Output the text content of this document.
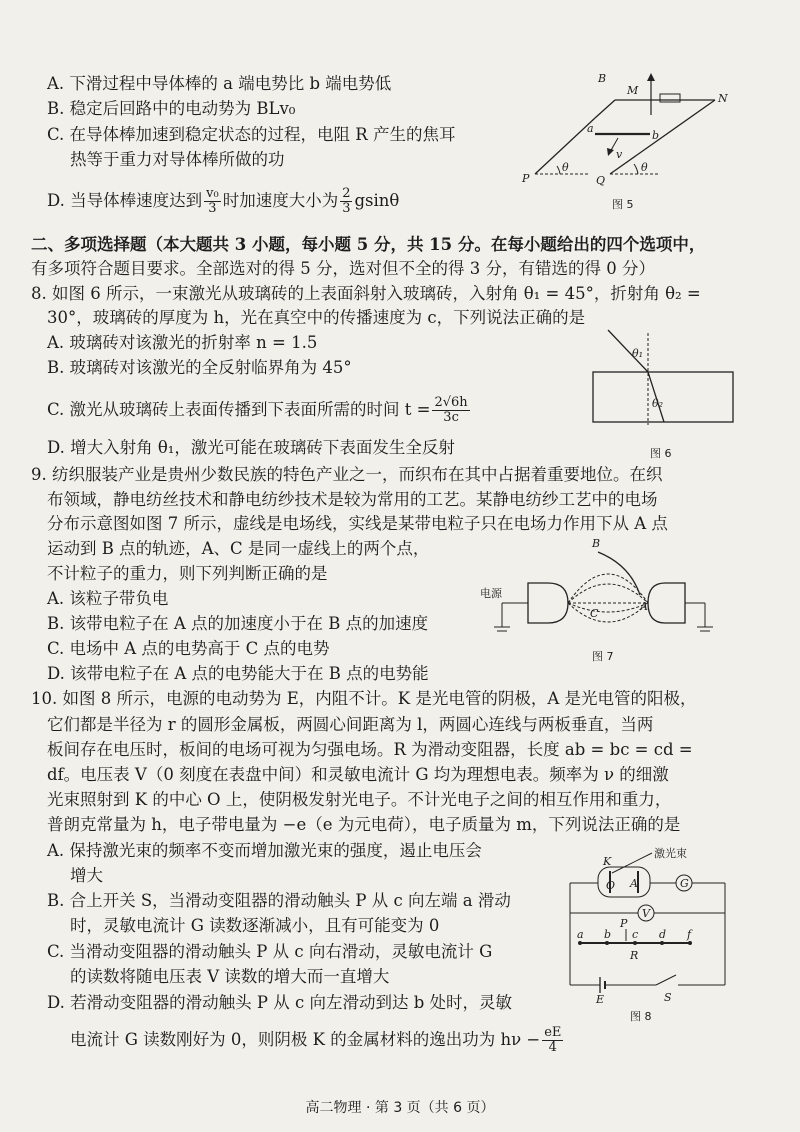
A. 下滑过程中导体棒的 a 端电势比 b 端电势低
B. 稳定后回路中的电动势为 BLv₀
C. 在导体棒加速到稳定状态的过程，电阻 R 产生的焦耳
热等于重力对导体棒所做的功
D. 当导体棒速度达到 $\frac{\text{v₀}}{3}$ 时加速度大小为 $\frac{2}{3}$ gsinθ
B
M
N
a
b
v
P	Q
θ	θ
图 5
二、多项选择题（本大题共 3 小题，每小题 5 分，共 15 分。在每小题给出的四个选项中，
有多项符合题目要求。全部选对的得 5 分，选对但不全的得 3 分，有错选的得 0 分）
8. 如图 6 所示，一束激光从玻璃砖的上表面斜射入玻璃砖，入射角 θ₁ = 45°，折射角 θ₂ =
30°，玻璃砖的厚度为 h，光在真空中的传播速度为 c，下列说法正确的是
A. 玻璃砖对该激光的折射率 n = 1.5
B. 玻璃砖对该激光的全反射临界角为 45°
C. 激光从玻璃砖上表面传播到下表面所需的时间 $t = \frac{2√6h}{3c}$
D. 增大入射角 θ₁，激光可能在玻璃砖下表面发生全反射
θ₁
θ₂
图 6
9. 纺织服装产业是贵州少数民族的特色产业之一，而织布在其中占据着重要地位。在织
布领域，静电纺丝技术和静电纺纱技术是较为常用的工艺。某静电纺纱工艺中的电场
分布示意图如图 7 所示，虚线是电场线，实线是某带电粒子只在电场力作用下从 A 点
运动到 B 点的轨迹，A、C 是同一虚线上的两个点，
不计粒子的重力，则下列判断正确的是
A. 该粒子带负电
B. 该带电粒子在 A 点的加速度小于在 B 点的加速度
C. 电场中 A 点的电势高于 C 点的电势
D. 该带电粒子在 A 点的电势能大于在 B 点的电势能
电源
B
C
A
图 7
10. 如图 8 所示，电源的电动势为 E，内阻不计。K 是光电管的阴极，A 是光电管的阳极，
它们都是半径为 r 的圆形金属板，两圆心间距离为 l，两圆心连线与两板垂直，当两
板间存在电压时，板间的电场可视为匀强电场。R 为滑动变阻器，长度 ab = bc = cd =
df。电压表 V（0 刻度在表盘中间）和灵敏电流计 G 均为理想电表。频率为 ν 的细激
光束照射到 K 的中心 O 上，使阴极发射光电子。不计光电子之间的相互作用和重力，
普朗克常量为 h，电子带电量为 −e（e 为元电荷），电子质量为 m，下列说法正确的是
A. 保持激光束的频率不变而增加激光束的强度，遏止电压会
增大
B. 合上开关 S，当滑动变阻器的滑动触头 P 从 c 向左端 a 滑动
时，灵敏电流计 G 读数逐渐减小，且有可能变为 0
C. 当滑动变阻器的滑动触头 P 从 c 向右滑动，灵敏电流计 G
的读数将随电压表 V 读数的增大而一直增大
D. 若滑动变阻器的滑动触头 P 从 c 向左滑动到达 b 处时，灵敏
电流计 G 读数刚好为 0，则阴极 K 的金属材料的逸出功为 $h\nu - \frac{eE}{4}$
K
O A
激光束
G
V
a b
P
c d f
R
E	S
图 8
高二物理 · 第 3 页（共 6 页）
